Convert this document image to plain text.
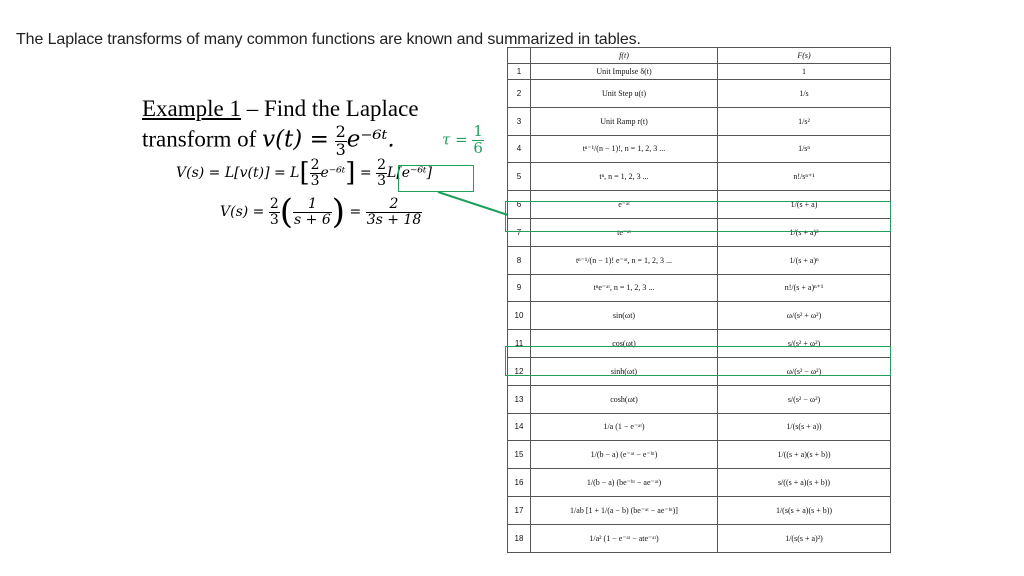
The Laplace transforms of many common functions are known and summarized in tables.
Example 1 – Find the Laplace
transform of $v(t) = \frac{2}{3}$ e⁻⁶ᵗ.	$\tau = \frac{1}{6}$
$V(s) = L[v(t)] = L[ \frac{2}{3}$ e⁻⁶ᵗ] = $\frac{2}{3}$ L[e⁻⁶ᵗ]
$V(s) = \frac{2}{3}$ ( $\frac{1}{s + 6}$ ) = $\frac{2}{3s + 18}$
	f(t)	F(s)
1	Unit Impulse δ(t)	1
2	Unit Step u(t)	1/s
3	Unit Ramp r(t)	1/s²
4	tⁿ⁻¹/(n − 1)!, n = 1, 2, 3 ...	1/sⁿ
5	tⁿ, n = 1, 2, 3 ...	n!/sⁿ⁺¹
6	e⁻ᵃᵗ	1/(s + a)
7	te⁻ᵃᵗ	1/(s + a)²
8	tⁿ⁻¹/(n − 1)! e⁻ᵃᵗ, n = 1, 2, 3 ...	1/(s + a)ⁿ
9	tⁿe⁻ᵃᵗ, n = 1, 2, 3 ...	n!/(s + a)ⁿ⁺¹
10	sin(ωt)	ω/(s² + ω²)
11	cos(ωt)	s/(s² + ω²)
12	sinh(ωt)	ω/(s² − ω²)
13	cosh(ωt)	s/(s² − ω²)
14	1/a (1 − e⁻ᵃᵗ)	1/(s(s + a))
15	1/(b − a) (e⁻ᵃᵗ − e⁻ᵇᵗ)	1/((s + a)(s + b))
16	1/(b − a) (be⁻ᵇᵗ − ae⁻ᵃᵗ)	s/((s + a)(s + b))
17	1/ab [1 + 1/(a − b) (be⁻ᵃᵗ − ae⁻ᵇᵗ)]	1/(s(s + a)(s + b))
18	1/a² (1 − e⁻ᵃᵗ − ate⁻ᵃᵗ)	1/(s(s + a)²)
